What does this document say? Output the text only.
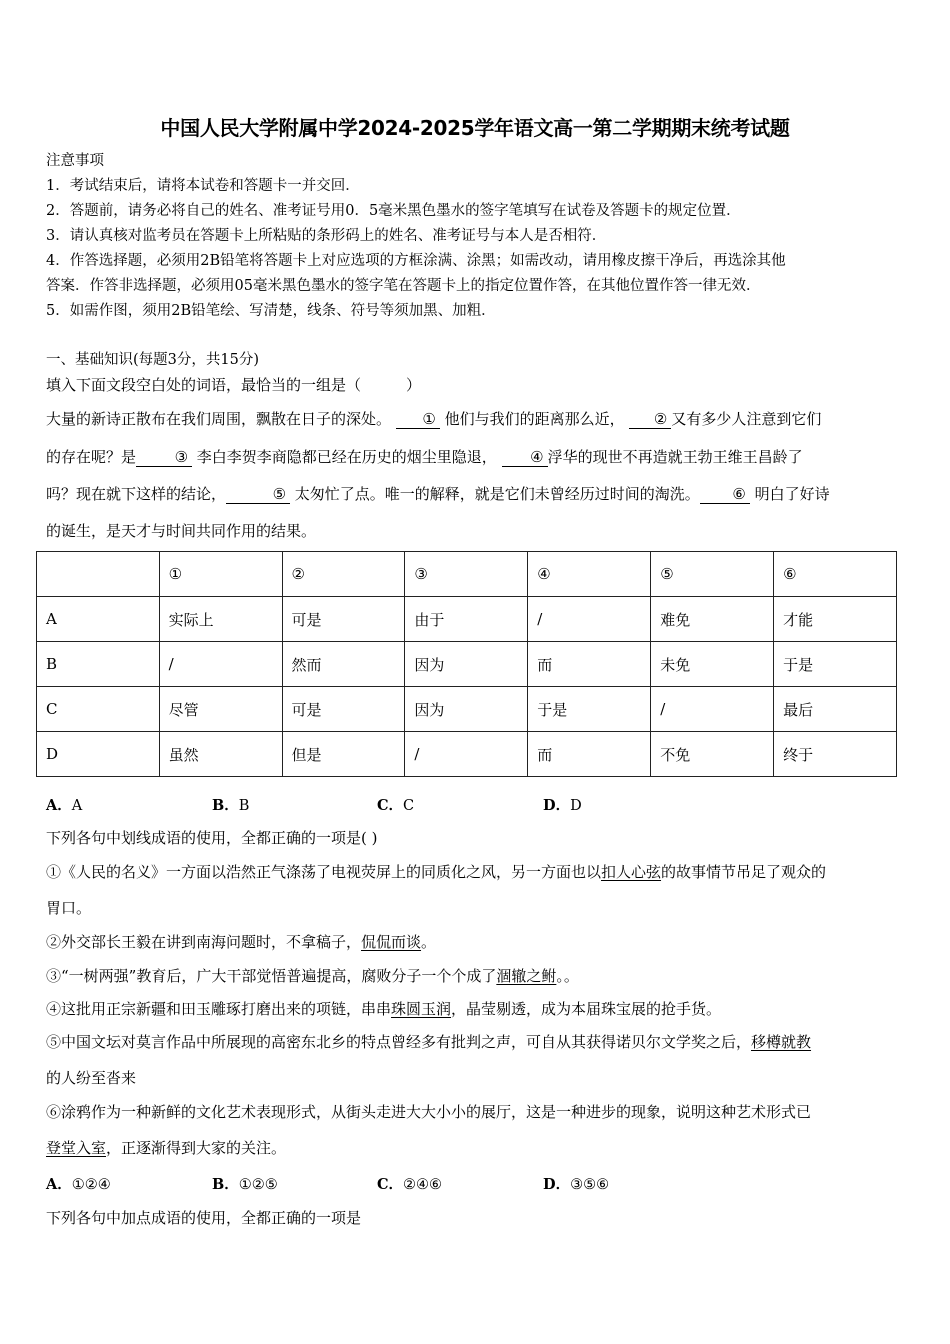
中国人民大学附属中学2024-2025学年语文高一第二学期期末统考试题
注意事项
1．考试结束后，请将本试卷和答题卡一并交回．
2．答题前，请务必将自己的姓名、准考证号用0．5毫米黑色墨水的签字笔填写在试卷及答题卡的规定位置．
3．请认真核对监考员在答题卡上所粘贴的条形码上的姓名、准考证号与本人是否相符．
4．作答选择题，必须用2B铅笔将答题卡上对应选项的方框涂满、涂黑；如需改动，请用橡皮擦干净后，再选涂其他
答案．作答非选择题，必须用05毫米黑色墨水的签字笔在答题卡上的指定位置作答，在其他位置作答一律无效．
5．如需作图，须用2B铅笔绘、写清楚，线条、符号等须加黑、加粗．
一、基础知识(每题3分，共15分)
填入下面文段空白处的词语，最恰当的一组是（　　　）
大量的新诗正散布在我们周围，飘散在日子的深处。 ① 他们与我们的距离那么近， ② 又有多少人注意到它们
的存在呢？是	③ 李白李贺李商隐都已经在历史的烟尘里隐退， ④ 浮华的现世不再造就王勃王维王昌龄了
吗？现在就下这样的结论，	⑤ 太匆忙了点。唯一的解释，就是它们未曾经历过时间的淘洗。 ⑥ 明白了好诗
的诞生，是天才与时间共同作用的结果。
	①	②	③	④	⑤	⑥
A	实际上	可是	由于	/	难免	才能
B	/	然而	因为	而	未免	于是
C	尽管	可是	因为	于是	/	最后
D	虽然	但是	/	而	不免	终于
A．A	B．B	C．C	D．D
下列各句中划线成语的使用，全都正确的一项是( )
①《人民的名义》一方面以浩然正气涤荡了电视荧屏上的同质化之风，另一方面也以扣人心弦的故事情节吊足了观众的
胃口。
②外交部长王毅在讲到南海问题时，不拿稿子，侃侃而谈。
③“一树两强”教育后，广大干部觉悟普遍提高，腐败分子一个个成了涸辙之鲋。。
④这批用正宗新疆和田玉雕琢打磨出来的项链，串串珠圆玉润，晶莹剔透，成为本届珠宝展的抢手货。
⑤中国文坛对莫言作品中所展现的高密东北乡的特点曾经多有批判之声，可自从其获得诺贝尔文学奖之后，移樽就教
的人纷至沓来
⑥涂鸦作为一种新鲜的文化艺术表现形式，从街头走进大大小小的展厅，这是一种进步的现象，说明这种艺术形式已
登堂入室，正逐渐得到大家的关注。
A．①②④	B．①②⑤	C．②④⑥	D．③⑤⑥
下列各句中加点成语的使用，全都正确的一项是
